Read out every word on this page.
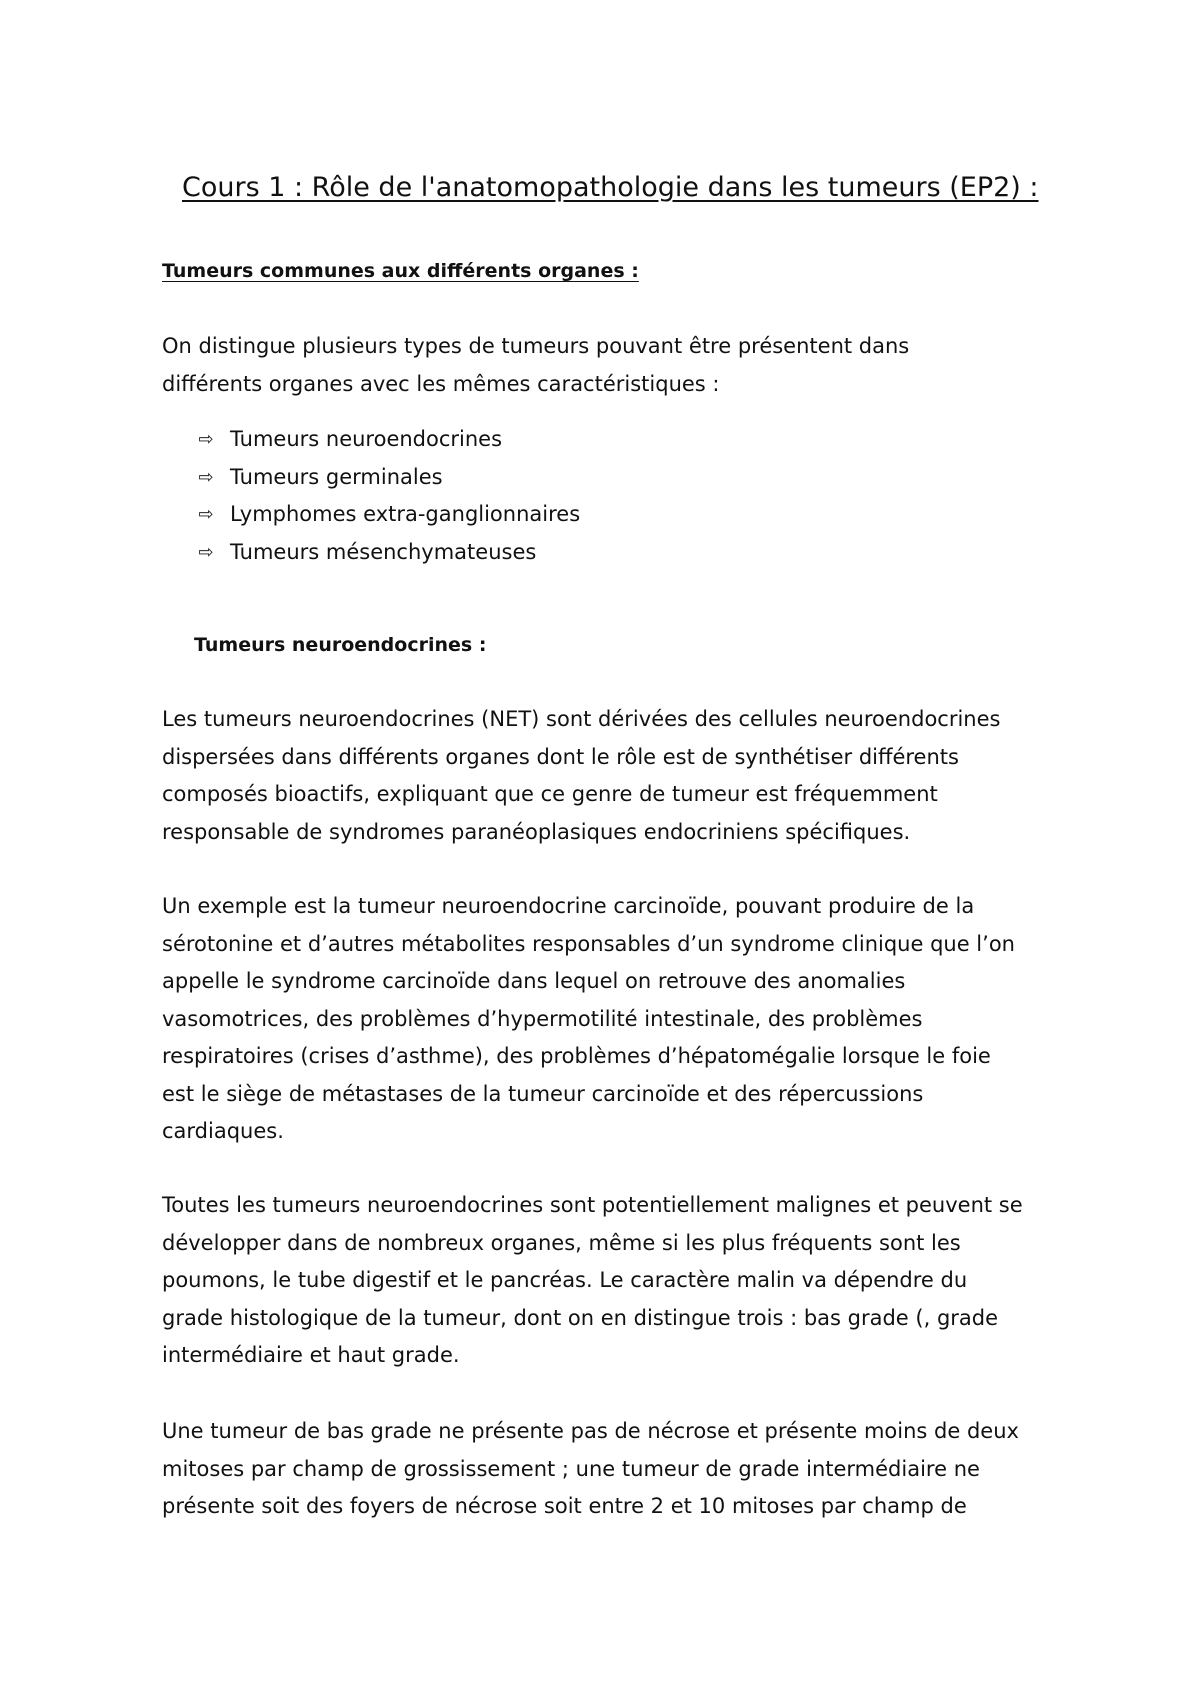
Cours 1 : Rôle de l'anatomopathologie dans les tumeurs (EP2) :
Tumeurs communes aux différents organes :

On distingue plusieurs types de tumeurs pouvant être présentent dans
différents organes avec les mêmes caractéristiques :

⇨ Tumeurs neuroendocrines
⇨ Tumeurs germinales
⇨ Lymphomes extra-ganglionnaires
⇨ Tumeurs mésenchymateuses
Tumeurs neuroendocrines :

Les tumeurs neuroendocrines (NET) sont dérivées des cellules neuroendocrines
dispersées dans différents organes dont le rôle est de synthétiser différents
composés bioactifs, expliquant que ce genre de tumeur est fréquemment
responsable de syndromes paranéoplasiques endocriniens spécifiques.

Un exemple est la tumeur neuroendocrine carcinoïde, pouvant produire de la
sérotonine et d’autres métabolites responsables d’un syndrome clinique que l’on
appelle le syndrome carcinoïde dans lequel on retrouve des anomalies
vasomotrices, des problèmes d’hypermotilité intestinale, des problèmes
respiratoires (crises d’asthme), des problèmes d’hépatomégalie lorsque le foie
est le siège de métastases de la tumeur carcinoïde et des répercussions
cardiaques.

Toutes les tumeurs neuroendocrines sont potentiellement malignes et peuvent se
développer dans de nombreux organes, même si les plus fréquents sont les
poumons, le tube digestif et le pancréas. Le caractère malin va dépendre du
grade histologique de la tumeur, dont on en distingue trois : bas grade (, grade
intermédiaire et haut grade.

Une tumeur de bas grade ne présente pas de nécrose et présente moins de deux
mitoses par champ de grossissement ; une tumeur de grade intermédiaire ne
présente soit des foyers de nécrose soit entre 2 et 10 mitoses par champ de
